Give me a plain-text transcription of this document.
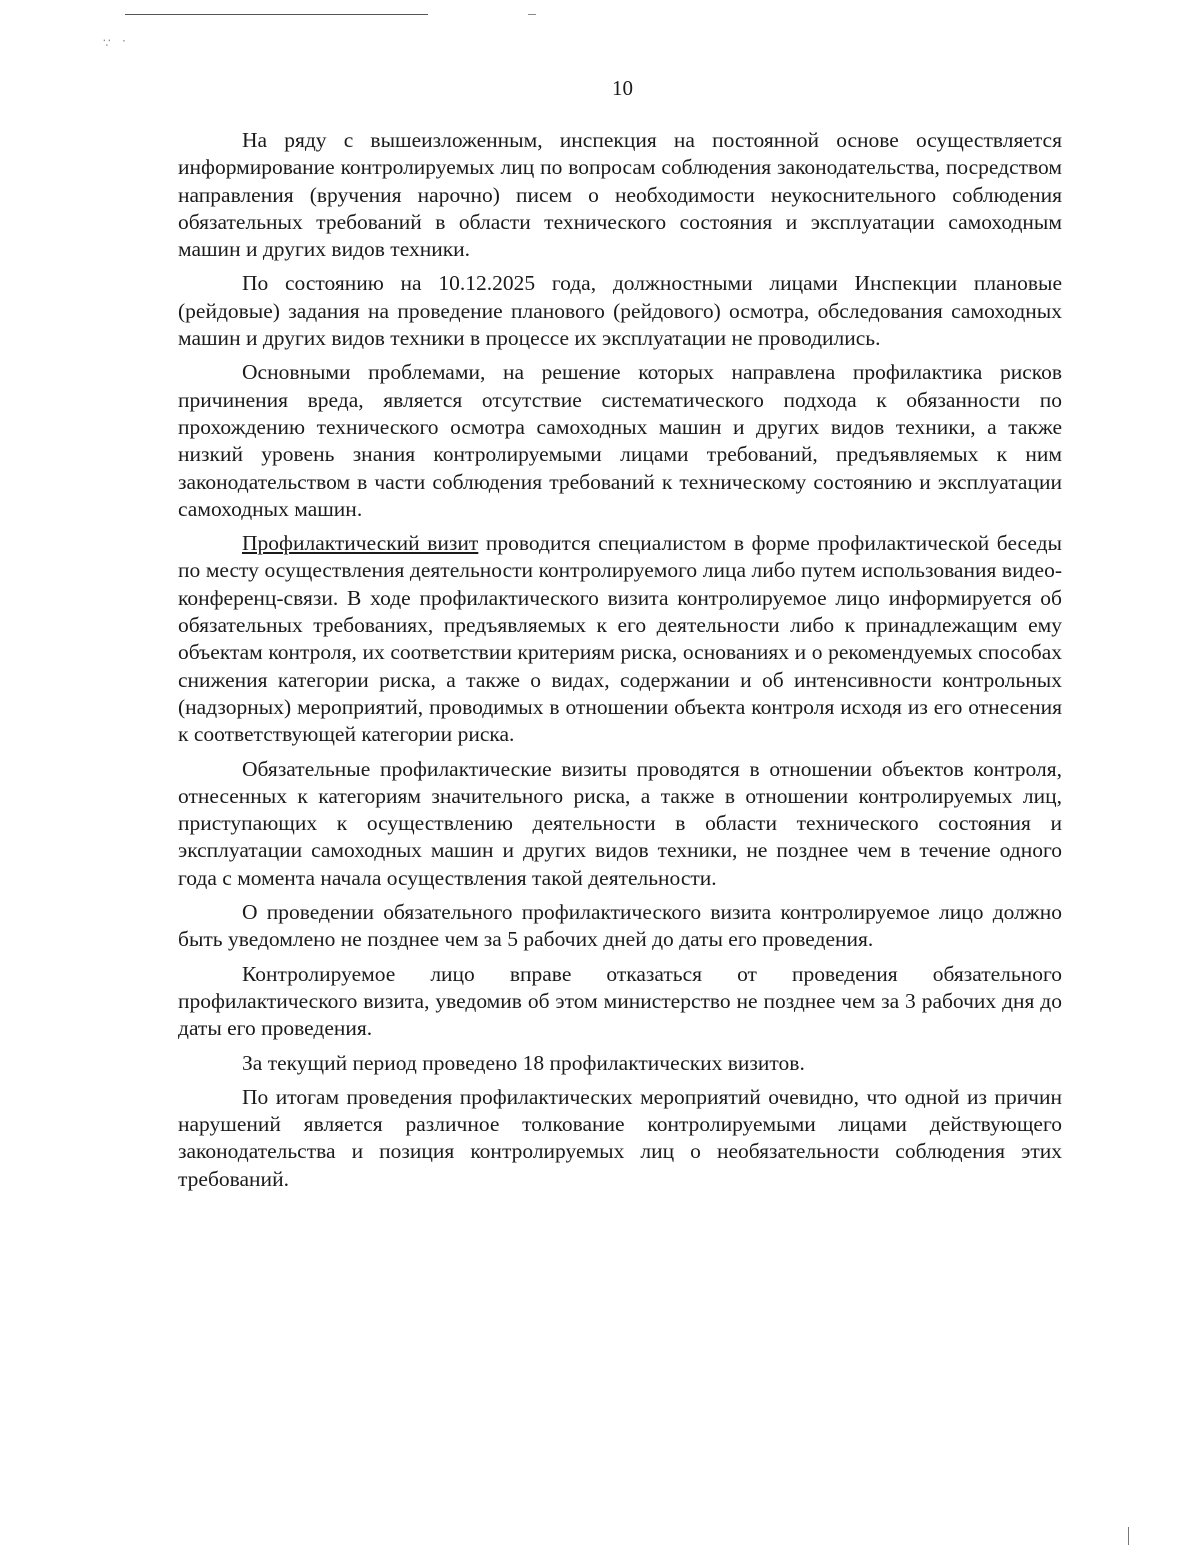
∵ ·
10

На ряду с вышеизложенным, инспекция на постоянной основе осуществляется информирование контролируемых лиц по вопросам соблюдения законодательства, посредством направления (вручения нарочно) писем о необходимости неукоснительного соблюдения обязательных требований в области технического состояния и эксплуатации самоходным машин и других видов техники.

По состоянию на 10.12.2025 года, должностными лицами Инспекции плановые (рейдовые) задания на проведение планового (рейдового) осмотра, обследования самоходных машин и других видов техники в процессе их эксплуатации не проводились.

Основными проблемами, на решение которых направлена профилактика рисков причинения вреда, является отсутствие систематического подхода к обязанности по прохождению технического осмотра самоходных машин и других видов техники, а также низкий уровень знания контролируемыми лицами требований, предъявляемых к ним законодательством в части соблюдения требований к техническому состоянию и эксплуатации самоходных машин.

Профилактический визит проводится специалистом в форме профилактической беседы по месту осуществления деятельности контролируемого лица либо путем использования видео-конференц-связи. В ходе профилактического визита контролируемое лицо информируется об обязательных требованиях, предъявляемых к его деятельности либо к принадлежащим ему объектам контроля, их соответствии критериям риска, основаниях и о рекомендуемых способах снижения категории риска, а также о видах, содержании и об интенсивности контрольных (надзорных) мероприятий, проводимых в отношении объекта контроля исходя из его отнесения к соответствующей категории риска.

Обязательные профилактические визиты проводятся в отношении объектов контроля, отнесенных к категориям значительного риска, а также в отношении контролируемых лиц, приступающих к осуществлению деятельности в области технического состояния и эксплуатации самоходных машин и других видов техники, не позднее чем в течение одного года с момента начала осуществления такой деятельности.

О проведении обязательного профилактического визита контролируемое лицо должно быть уведомлено не позднее чем за 5 рабочих дней до даты его проведения.

Контролируемое лицо вправе отказаться от проведения обязательного профилактического визита, уведомив об этом министерство не позднее чем за 3 рабочих дня до даты его проведения.

За текущий период проведено 18 профилактических визитов.

По итогам проведения профилактических мероприятий очевидно, что одной из причин нарушений является различное толкование контролируемыми лицами действующего законодательства и позиция контролируемых лиц о необязательности соблюдения этих требований.
